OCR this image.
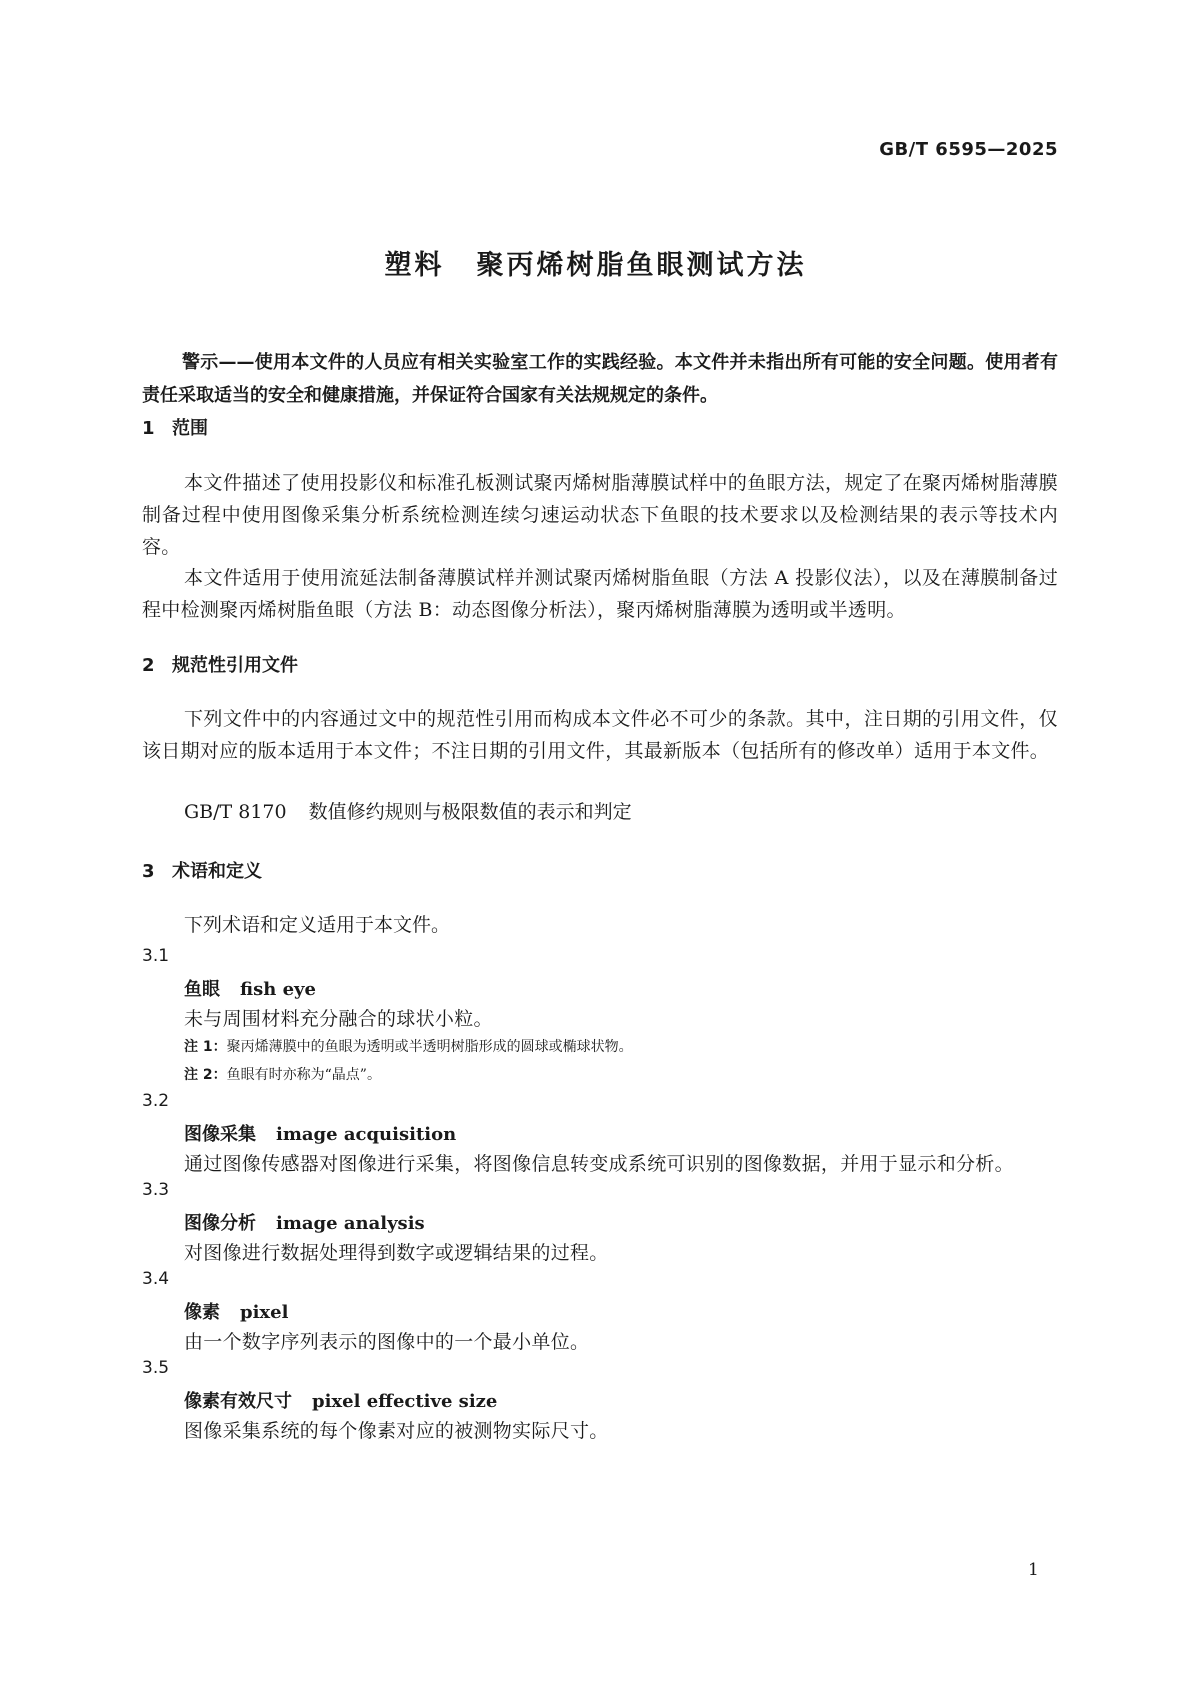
GB/T 6595—2025
塑料 聚丙烯树脂鱼眼测试方法
警示——使用本文件的人员应有相关实验室工作的实践经验。本文件并未指出所有可能的安全问题。使用者有责任采取适当的安全和健康措施，并保证符合国家有关法规规定的条件。
1 范围
本文件描述了使用投影仪和标准孔板测试聚丙烯树脂薄膜试样中的鱼眼方法，规定了在聚丙烯树脂薄膜制备过程中使用图像采集分析系统检测连续匀速运动状态下鱼眼的技术要求以及检测结果的表示等技术内容。
本文件适用于使用流延法制备薄膜试样并测试聚丙烯树脂鱼眼（方法 A 投影仪法），以及在薄膜制备过程中检测聚丙烯树脂鱼眼（方法 B：动态图像分析法），聚丙烯树脂薄膜为透明或半透明。
2 规范性引用文件
下列文件中的内容通过文中的规范性引用而构成本文件必不可少的条款。其中，注日期的引用文件，仅该日期对应的版本适用于本文件；不注日期的引用文件，其最新版本（包括所有的修改单）适用于本文件。
GB/T 8170 数值修约规则与极限数值的表示和判定
3 术语和定义
下列术语和定义适用于本文件。
3.1
鱼眼 fish eye
未与周围材料充分融合的球状小粒。
注 1：聚丙烯薄膜中的鱼眼为透明或半透明树脂形成的圆球或椭球状物。
注 2：鱼眼有时亦称为“晶点”。
3.2
图像采集 image acquisition
通过图像传感器对图像进行采集，将图像信息转变成系统可识别的图像数据，并用于显示和分析。
3.3
图像分析 image analysis
对图像进行数据处理得到数字或逻辑结果的过程。
3.4
像素 pixel
由一个数字序列表示的图像中的一个最小单位。
3.5
像素有效尺寸 pixel effective size
图像采集系统的每个像素对应的被测物实际尺寸。
1
